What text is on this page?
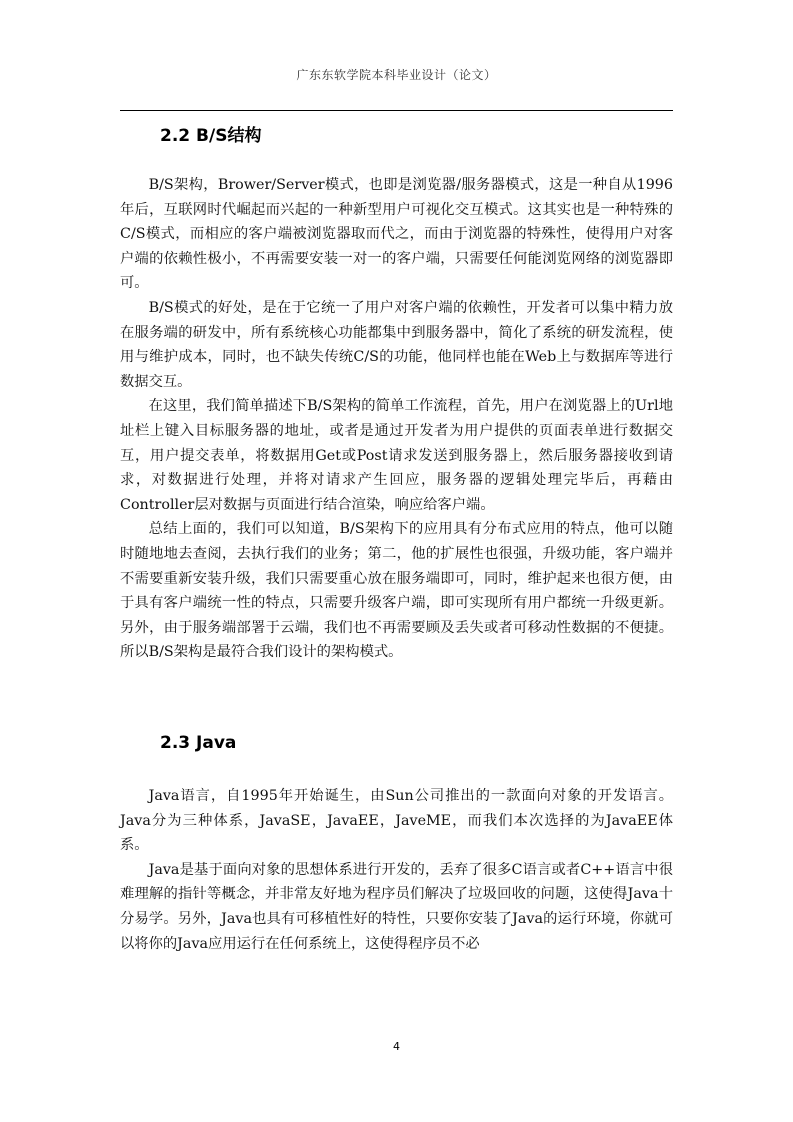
广东东软学院本科毕业设计（论文）
2.2 B/S结构

B/S架构，Brower/Server模式，也即是浏览器/服务器模式，这是一种自从1996年后，互联网时代崛起而兴起的一种新型用户可视化交互模式。这其实也是一种特殊的C/S模式，而相应的客户端被浏览器取而代之，而由于浏览器的特殊性，使得用户对客户端的依赖性极小，不再需要安装一对一的客户端，只需要任何能浏览网络的浏览器即可。

B/S模式的好处，是在于它统一了用户对客户端的依赖性，开发者可以集中精力放在服务端的研发中，所有系统核心功能都集中到服务器中，简化了系统的研发流程，使用与维护成本，同时，也不缺失传统C/S的功能，他同样也能在Web上与数据库等进行数据交互。

在这里，我们简单描述下B/S架构的简单工作流程，首先，用户在浏览器上的Url地址栏上键入目标服务器的地址，或者是通过开发者为用户提供的页面表单进行数据交互，用户提交表单，将数据用Get或Post请求发送到服务器上，然后服务器接收到请求，对数据进行处理，并将对请求产生回应，服务器的逻辑处理完毕后，再藉由Controller层对数据与页面进行结合渲染，响应给客户端。

总结上面的，我们可以知道，B/S架构下的应用具有分布式应用的特点，他可以随时随地地去查阅，去执行我们的业务；第二，他的扩展性也很强，升级功能，客户端并不需要重新安装升级，我们只需要重心放在服务端即可，同时，维护起来也很方便，由于具有客户端统一性的特点，只需要升级客户端，即可实现所有用户都统一升级更新。另外，由于服务端部署于云端，我们也不再需要顾及丢失或者可移动性数据的不便捷。所以B/S架构是最符合我们设计的架构模式。

2.3 Java

Java语言，自1995年开始诞生，由Sun公司推出的一款面向对象的开发语言。Java分为三种体系，JavaSE，JavaEE，JaveME，而我们本次选择的为JavaEE体系。

Java是基于面向对象的思想体系进行开发的，丢弃了很多C语言或者C++语言中很难理解的指针等概念，并非常友好地为程序员们解决了垃圾回收的问题，这使得Java十分易学。另外，Java也具有可移植性好的特性，只要你安装了Java的运行环境，你就可以将你的Java应用运行在任何系统上，这使得程序员不必

4
